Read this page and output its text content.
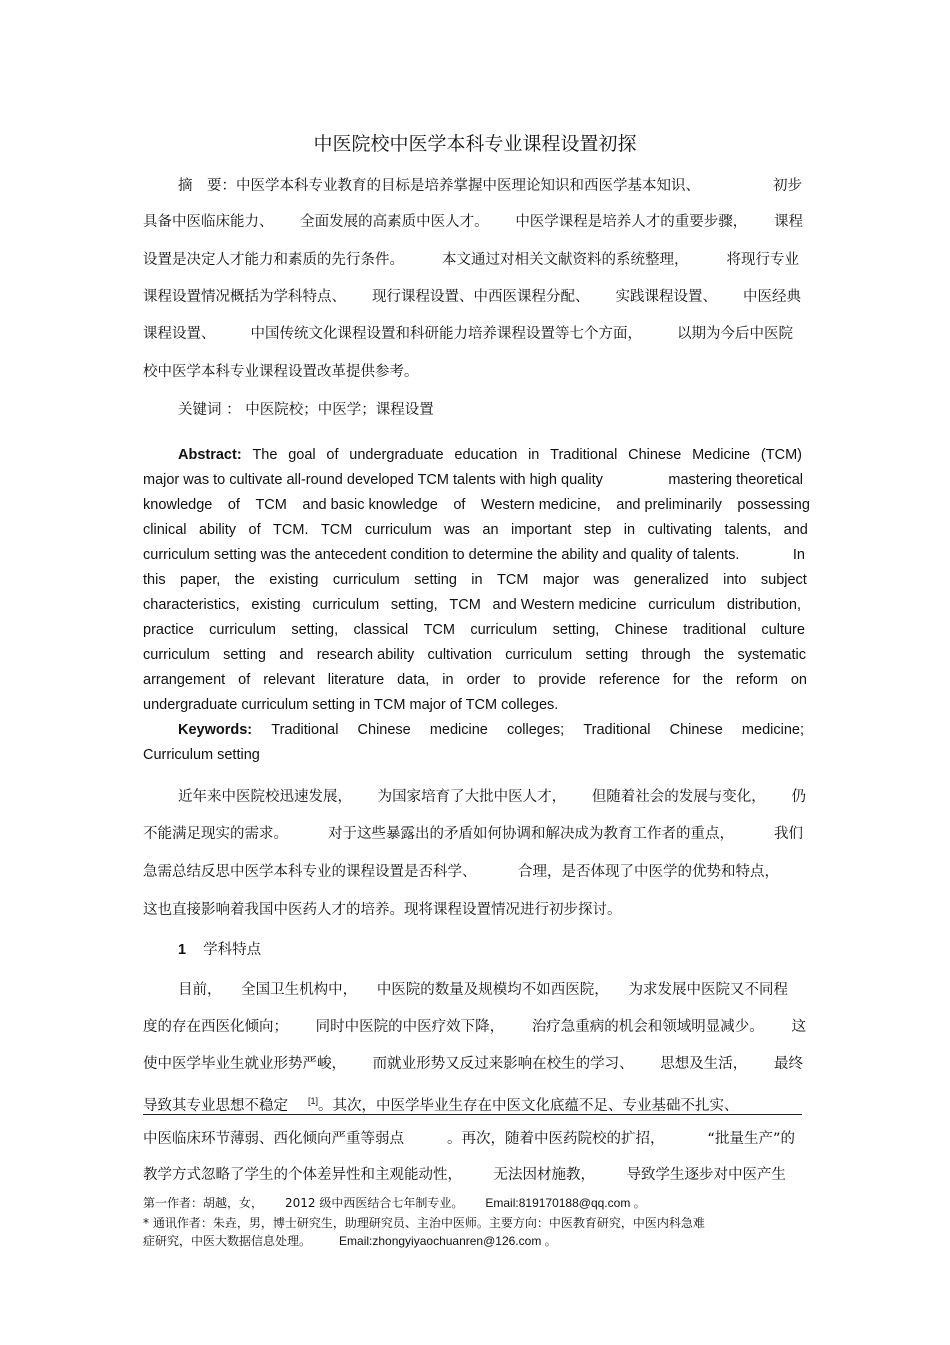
中医院校中医学本科专业课程设置初探
摘　要：中医学本科专业教育的目标是培养掌握中医理论知识和西医学基本知识、	初步
具备中医临床能力、 全面发展的高素质中医人才。 中医学课程是培养人才的重要步骤， 课程
设置是决定人才能力和素质的先行条件。	本文通过对相关文献资料的系统整理，	将现行专业
课程设置情况概括为学科特点、 现行课程设置、中西医课程分配、 实践课程设置、 中医经典
课程设置、 中国传统文化课程设置和科研能力培养课程设置等七个方面， 以期为今后中医院
校中医学本科专业课程设置改革提供参考。
关键词 ： 中医院校；中医学；课程设置
Abstract: The goal of undergraduate education in Traditional Chinese Medicine (TCM)
major was to cultivate all-round developed TCM talents with high quality	mastering theoretical
knowledge of TCM and basic knowledge of Western medicine, and preliminarily possessing
clinical ability of TCM. TCM curriculum was an important step in cultivating talents, and
curriculum setting was the antecedent condition to determine the ability and quality of talents.	In
this paper, the existing curriculum setting in TCM major was generalized into subject
characteristics, existing curriculum setting, TCM and Western medicine curriculum distribution,
practice curriculum setting, classical TCM curriculum setting, Chinese traditional culture
curriculum setting and research ability cultivation curriculum setting through the systematic
arrangement of relevant literature data, in order to provide reference for the reform on
undergraduate curriculum setting in TCM major of TCM colleges.
Keywords: Traditional Chinese medicine colleges; Traditional Chinese medicine;
Curriculum setting
近年来中医院校迅速发展， 为国家培育了大批中医人才， 但随着社会的发展与变化， 仍
不能满足现实的需求。	对于这些暴露出的矛盾如何协调和解决成为教育工作者的重点，	我们
急需总结反思中医学本科专业的课程设置是否科学、	合理，是否体现了中医学的优势和特点，
这也直接影响着我国中医药人才的培养。现将课程设置情况进行初步探讨。
1 学科特点
目前， 全国卫生机构中， 中医院的数量及规模均不如西医院， 为求发展中医院又不同程
度的存在西医化倾向； 同时中医院的中医疗效下降， 治疗急重病的机会和领域明显减少。 这
使中医学毕业生就业形势严峻， 而就业形势又反过来影响在校生的学习、 思想及生活， 最终
导致其专业思想不稳定 [1]。其次，中医学毕业生存在中医文化底蕴不足、专业基础不扎实、
中医临床环节薄弱、西化倾向严重等弱点	。再次，随着中医药院校的扩招，	“批量生产”的
教学方式忽略了学生的个体差异性和主观能动性， 无法因材施教， 导致学生逐步对中医产生
第一作者：胡越，女， 2012 级中西医结合七年制专业。 Email:819170188@qq.com 。
* 通讯作者：朱垚，男，博士研究生，助理研究员、主治中医师。主要方向：中医教育研究，中医内科急难
症研究，中医大数据信息处理。 Email:zhongyiyaochuanren@126.com 。
